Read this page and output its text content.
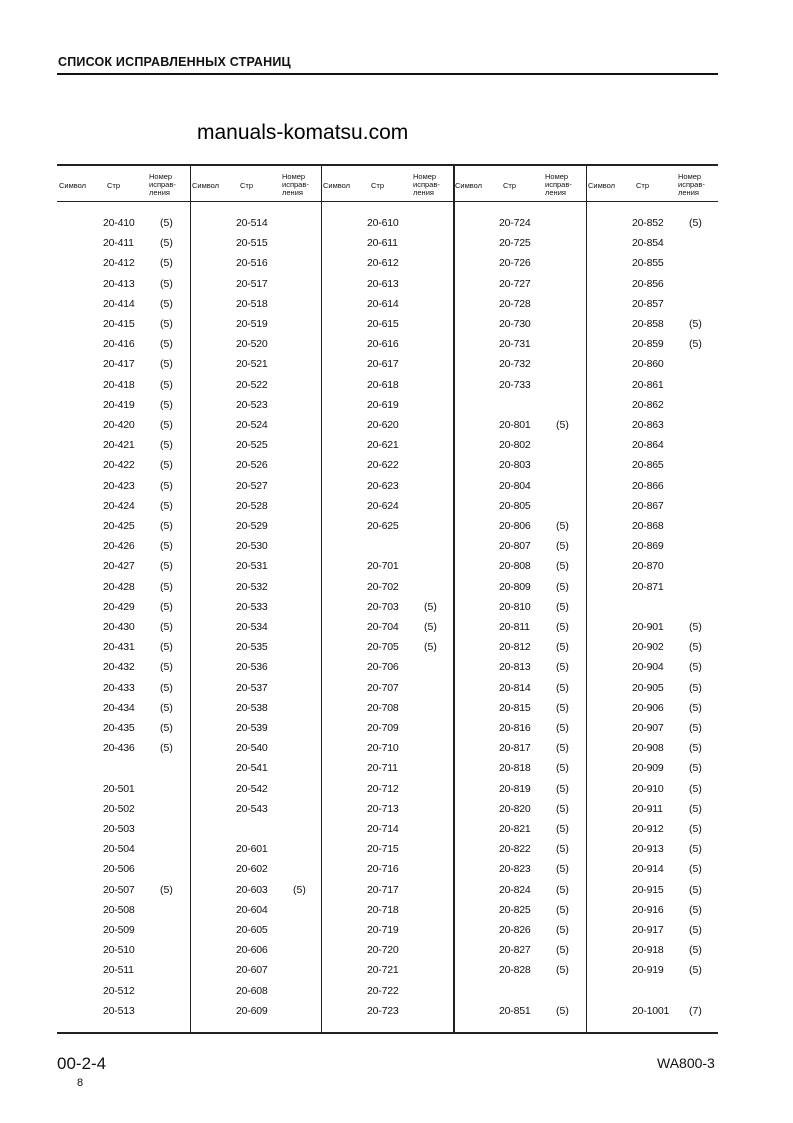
СПИСОК ИСПРАВЛЕННЫХ СТРАНИЦ
manuals-komatsu.com
Символ	Стр
Номер
исправ-
ления
20-410 (5)
20-411	(5)
20-412 (5)
20-413 (5)
20-414 (5)
20-415 (5)
20-416 (5)
20-417 (5)
20-418 (5)
20-419 (5)
20-420 (5)
20-421 (5)
20-422 (5)
20-423 (5)
20-424 (5)
20-425 (5)
20-426 (5)
20-427 (5)
20-428 (5)
20-429 (5)
20-430 (5)
20-431 (5)
20-432 (5)
20-433 (5)
20-434 (5)
20-435 (5)
20-436 (5)
20-501
20-502
20-503
20-504
20-506
20-507 (5)
20-508
20-509
20-510
20-511
20-512
20-513
Символ	Стр
Номер
исправ-
ления
20-514
20-515
20-516
20-517
20-518
20-519
20-520
20-521
20-522
20-523
20-524
20-525
20-526
20-527
20-528
20-529
20-530
20-531
20-532
20-533
20-534
20-535
20-536
20-537
20-538
20-539
20-540
20-541
20-542
20-543
20-601
20-602
20-603 (5)
20-604
20-605
20-606
20-607
20-608
20-609
Символ	Стр
Номер
исправ-
ления
20-610
20-611
20-612
20-613
20-614
20-615
20-616
20-617
20-618
20-619
20-620
20-621
20-622
20-623
20-624
20-625
20-701
20-702
20-703 (5)
20-704 (5)
20-705 (5)
20-706
20-707
20-708
20-709
20-710
20-711
20-712
20-713
20-714
20-715
20-716
20-717
20-718
20-719
20-720
20-721
20-722
20-723
Символ	Стр
Номер
исправ-
ления
20-724
20-725
20-726
20-727
20-728
20-730
20-731
20-732
20-733
20-801 (5)
20-802
20-803
20-804
20-805
20-806 (5)
20-807 (5)
20-808 (5)
20-809 (5)
20-810 (5)
20-811	(5)
20-812 (5)
20-813 (5)
20-814 (5)
20-815 (5)
20-816 (5)
20-817 (5)
20-818 (5)
20-819 (5)
20-820 (5)
20-821 (5)
20-822 (5)
20-823 (5)
20-824 (5)
20-825 (5)
20-826 (5)
20-827 (5)
20-828 (5)
20-851 (5)
Символ	Стр
Номер
исправ-
ления
20-852 (5)
20-854
20-855
20-856
20-857
20-858 (5)
20-859 (5)
20-860
20-861
20-862
20-863
20-864
20-865
20-866
20-867
20-868
20-869
20-870
20-871
20-901 (5)
20-902 (5)
20-904 (5)
20-905 (5)
20-906 (5)
20-907 (5)
20-908 (5)
20-909 (5)
20-910 (5)
20-911	(5)
20-912 (5)
20-913 (5)
20-914 (5)
20-915 (5)
20-916 (5)
20-917 (5)
20-918 (5)
20-919 (5)
20-1001 (7)
00-2-4
8
WA800-3
